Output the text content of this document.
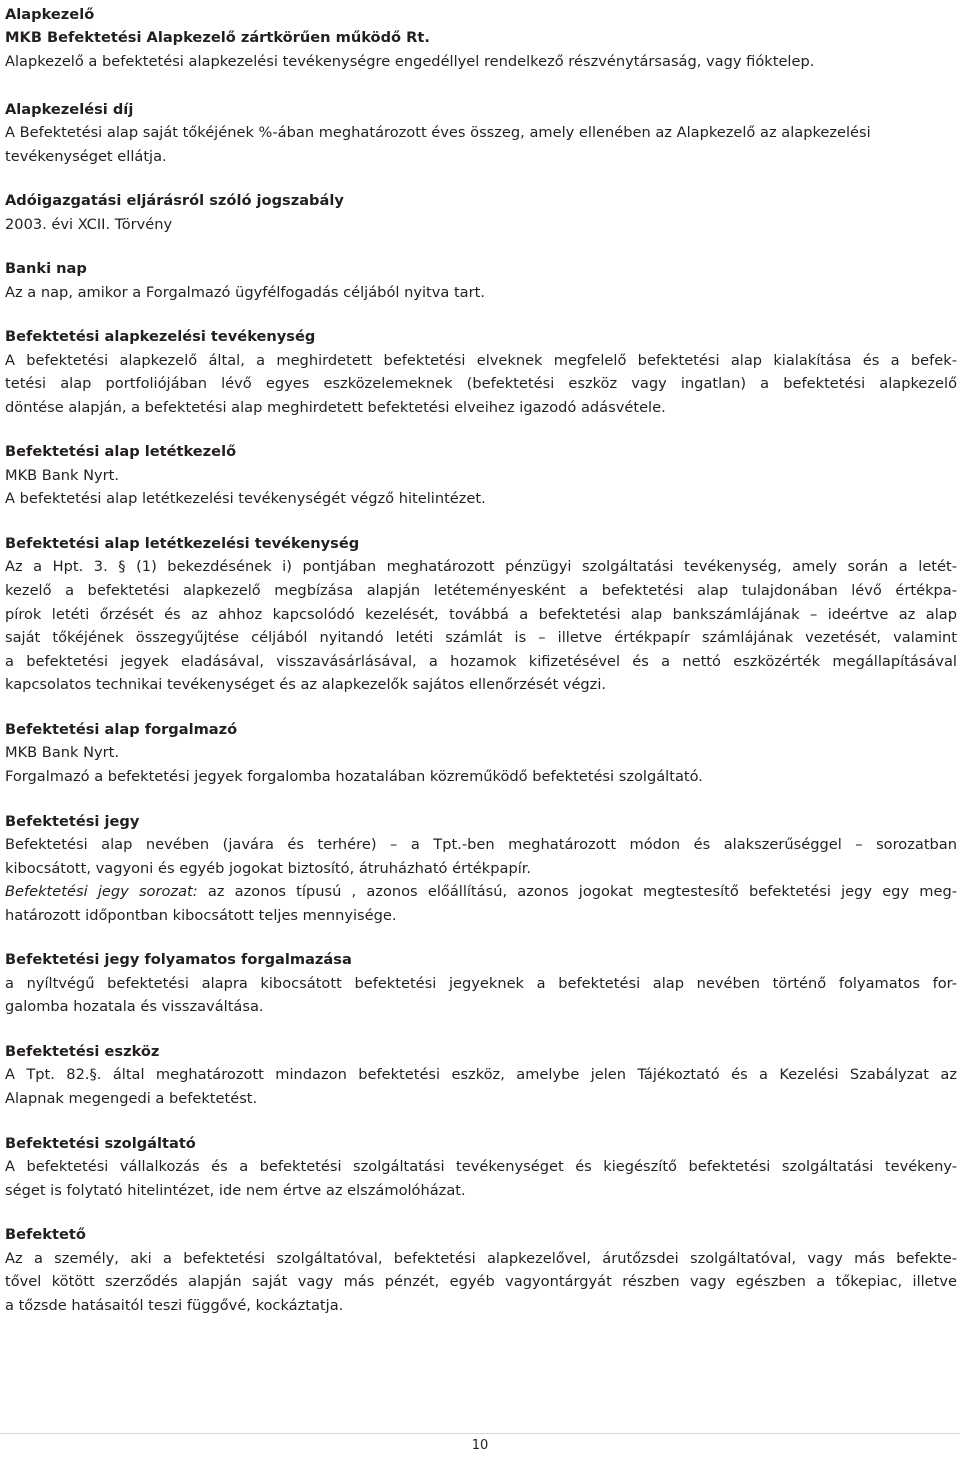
Alapkezelő

MKB Befektetési Alapkezelő zártkörűen működő Rt.

Alapkezelő a befektetési alapkezelési tevékenységre engedéllyel rendelkező részvénytársaság, vagy fióktelep.

Alapkezelési díj

A Befektetési alap saját tőkéjének %-ában meghatározott éves összeg, amely ellenében az Alapkezelő az alapkezelési

tevékenységet ellátja.

Adóigazgatási eljárásról szóló jogszabály

2003. évi XCII. Törvény

Banki nap

Az a nap, amikor a Forgalmazó ügyfélfogadás céljából nyitva tart.

Befektetési alapkezelési tevékenység

A befektetési alapkezelő által, a meghirdetett befektetési elveknek megfelelő befektetési alap kialakítása és a befek-

tetési alap portfoliójában lévő egyes eszközelemeknek (befektetési eszköz vagy ingatlan) a befektetési alapkezelő

döntése alapján, a befektetési alap meghirdetett befektetési elveihez igazodó adásvétele.

Befektetési alap letétkezelő

MKB Bank Nyrt.

A befektetési alap letétkezelési tevékenységét végző hitelintézet.

Befektetési alap letétkezelési tevékenység

Az a Hpt. 3. § (1) bekezdésének i) pontjában meghatározott pénzügyi szolgáltatási tevékenység, amely során a letét-

kezelő a befektetési alapkezelő megbízása alapján letéteményesként a befektetési alap tulajdonában lévő értékpa-

pírok letéti őrzését és az ahhoz kapcsolódó kezelését, továbbá a befektetési alap bankszámlájának – ideértve az alap

saját tőkéjének összegyűjtése céljából nyitandó letéti számlát is – illetve értékpapír számlájának vezetését, valamint

a befektetési jegyek eladásával, visszavásárlásával, a hozamok kifizetésével és a nettó eszközérték megállapításával

kapcsolatos technikai tevékenységet és az alapkezelők sajátos ellenőrzését végzi.

Befektetési alap forgalmazó

MKB Bank Nyrt.

Forgalmazó a befektetési jegyek forgalomba hozatalában közreműködő befektetési szolgáltató.

Befektetési jegy

Befektetési alap nevében (javára és terhére) – a Tpt.-ben meghatározott módon és alakszerűséggel – sorozatban

kibocsátott, vagyoni és egyéb jogokat biztosító, átruházható értékpapír.

Befektetési jegy sorozat: az azonos típusú , azonos előállítású, azonos jogokat megtestesítő befektetési jegy egy meg-

határozott időpontban kibocsátott teljes mennyisége.

Befektetési jegy folyamatos forgalmazása

a nyíltvégű befektetési alapra kibocsátott befektetési jegyeknek a befektetési alap nevében történő folyamatos for-

galomba hozatala és visszaváltása.

Befektetési eszköz

A Tpt. 82.§. által meghatározott mindazon befektetési eszköz, amelybe jelen Tájékoztató és a Kezelési Szabályzat az

Alapnak megengedi a befektetést.

Befektetési szolgáltató

A befektetési vállalkozás és a befektetési szolgáltatási tevékenységet és kiegészítő befektetési szolgáltatási tevékeny-

séget is folytató hitelintézet, ide nem értve az elszámolóházat.

Befektető

Az a személy, aki a befektetési szolgáltatóval, befektetési alapkezelővel, árutőzsdei szolgáltatóval, vagy más befekte-

tővel kötött szerződés alapján saját vagy más pénzét, egyéb vagyontárgyát részben vagy egészben a tőkepiac, illetve

a tőzsde hatásaitól teszi függővé, kockáztatja.

10
